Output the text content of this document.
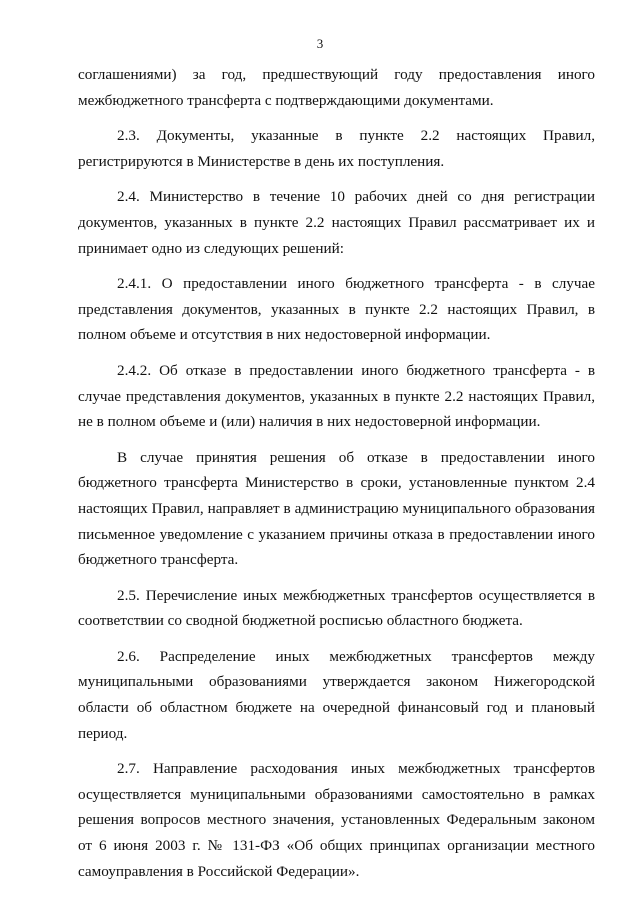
3

соглашениями) за год, предшествующий году предоставления иного межбюджетного трансферта с подтверждающими документами.

2.3. Документы, указанные в пункте 2.2 настоящих Правил, регистрируются в Министерстве в день их поступления.

2.4. Министерство в течение 10 рабочих дней со дня регистрации документов, указанных в пункте 2.2 настоящих Правил рассматривает их и принимает одно из следующих решений:

2.4.1. О предоставлении иного бюджетного трансферта - в случае представления документов, указанных в пункте 2.2 настоящих Правил, в полном объеме и отсутствия в них недостоверной информации.

2.4.2. Об отказе в предоставлении иного бюджетного трансферта - в случае представления документов, указанных в пункте 2.2 настоящих Правил, не в полном объеме и (или) наличия в них недостоверной информации.

В случае принятия решения об отказе в предоставлении иного бюджетного трансферта Министерство в сроки, установленные пунктом 2.4 настоящих Правил, направляет в администрацию муниципального образования письменное уведомление с указанием причины отказа в предоставлении иного бюджетного трансферта.

2.5. Перечисление иных межбюджетных трансфертов осуществляется в соответствии со сводной бюджетной росписью областного бюджета.

2.6. Распределение иных межбюджетных трансфертов между муниципальными образованиями утверждается законом Нижегородской области об областном бюджете на очередной финансовый год и плановый период.

2.7. Направление расходования иных межбюджетных трансфертов осуществляется муниципальными образованиями самостоятельно в рамках решения вопросов местного значения, установленных Федеральным законом от 6 июня 2003 г. № 131-ФЗ «Об общих принципах организации местного самоуправления в Российской Федерации».
